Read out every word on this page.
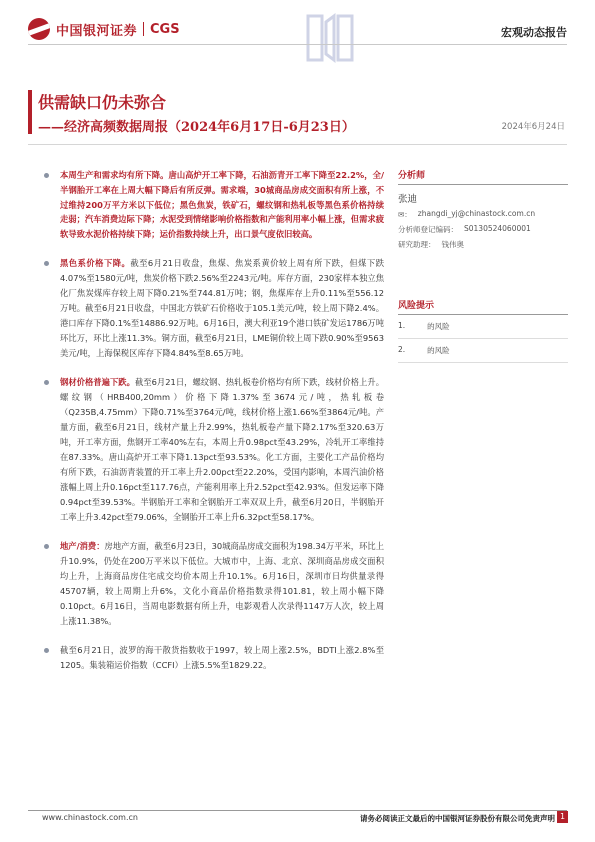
中国银河证券 CGS	宏观动态报告
供需缺口仍未弥合
——经济高频数据周报（2024年6月17日-6月23日）	2024年6月24日
本周生产和需求均有所下降。唐山高炉开工率下降，石油沥青开工率下降至22.2%，全/半钢胎开工率在上周大幅下降后有所反弹。需求端，30城商品房成交面积有所上涨，不过维持200万平方米以下低位；黑色焦炭，铁矿石，螺纹钢和热轧板等黑色系价格持续走弱；汽车消费边际下降；水泥受到情绪影响价格指数和产能利用率小幅上涨，但需求疲软导致水泥价格持续下降；运价指数持续上升，出口景气度依旧较高。
黑色系价格下降。截至6月21日收盘，焦煤、焦炭系黄价较上周有所下跌，但煤下跌4.07%至1580元/吨，焦炭价格下跌2.56%至2243元/吨。库存方面，230家样本独立焦化厂焦炭煤库存较上周下降0.21%至744.81万吨；钢，焦煤库存上升0.11%至556.12万吨。截至6月21日收盘，中国北方铁矿石价格收于105.1美元/吨，较上周下降2.4%。港口库存下降0.1%至14886.92万吨。6月16日，澳大利亚19个港口铁矿发运1786万吨环比万，环比上涨11.3%。铜方面，截至6月21日，LME铜价较上周下跌0.90%至9563美元/吨，上海保税区库存下降4.84%至8.65万吨。
钢材价格普遍下跌。截至6月21日，螺纹钢、热轧板卷价格均有所下跌，线材价格上升。螺纹钢（HRB400,20mm）价格下降1.37%至3674元/吨，热轧板卷（Q235B,4.75mm）下降0.71%至3764元/吨，线材价格上涨1.66%至3864元/吨。产量方面，截至6月21日，线材产量上升2.99%，热轧板卷产量下降2.17%至320.63万吨，开工率方面，焦钢开工率40%左右，本周上升0.98pct至43.29%，冷轧开工率维持在87.33%。唐山高炉开工率下降1.13pct至93.53%。化工方面，主要化工产品价格均有所下跌，石油沥青装置的开工率上升2.00pct至22.20%，受国内影响，本周汽油价格涨幅上周上升0.16pct至117.76点，产能利用率上升2.52pct至42.93%。但发运率下降0.94pct至39.53%。半钢胎开工率和全钢胎开工率双双上升，截至6月20日，半钢胎开工率上升3.42pct至79.06%，全钢胎开工率上升6.32pct至58.17%。
地产/消费：房地产方面，截至6月23日，30城商品房成交面积为198.34万平米，环比上升10.9%，仍处在200万平米以下低位。大城市中，上海、北京、深圳商品房成交面积均上升，上海商品房住宅成交均价本周上升10.1%。6月16日，深圳市日均供量录得45707辆，较上周期上升6%，文化小商品价格指数录得101.81，较上周小幅下降0.10pct。6月16日，当周电影数据有所上升，电影观看人次录得1147万人次，较上周上涨11.38%。
截至6月21日，波罗的海干散货指数收于1997，较上周上涨2.5%，BDTI上涨2.8%至1205。集装箱运价指数（CCFI）上涨5.5%至1829.22。
分析师
张迪
✉： zhangdi_yj@chinastock.com.cn
分析师登记编码： S0130524060001
研究助理： 钱伟奥
风险提示
1.	的风险
2.	的风险
www.chinastock.com.cn	请务必阅读正文最后的中国银河证券股份有限公司免责声明 1
